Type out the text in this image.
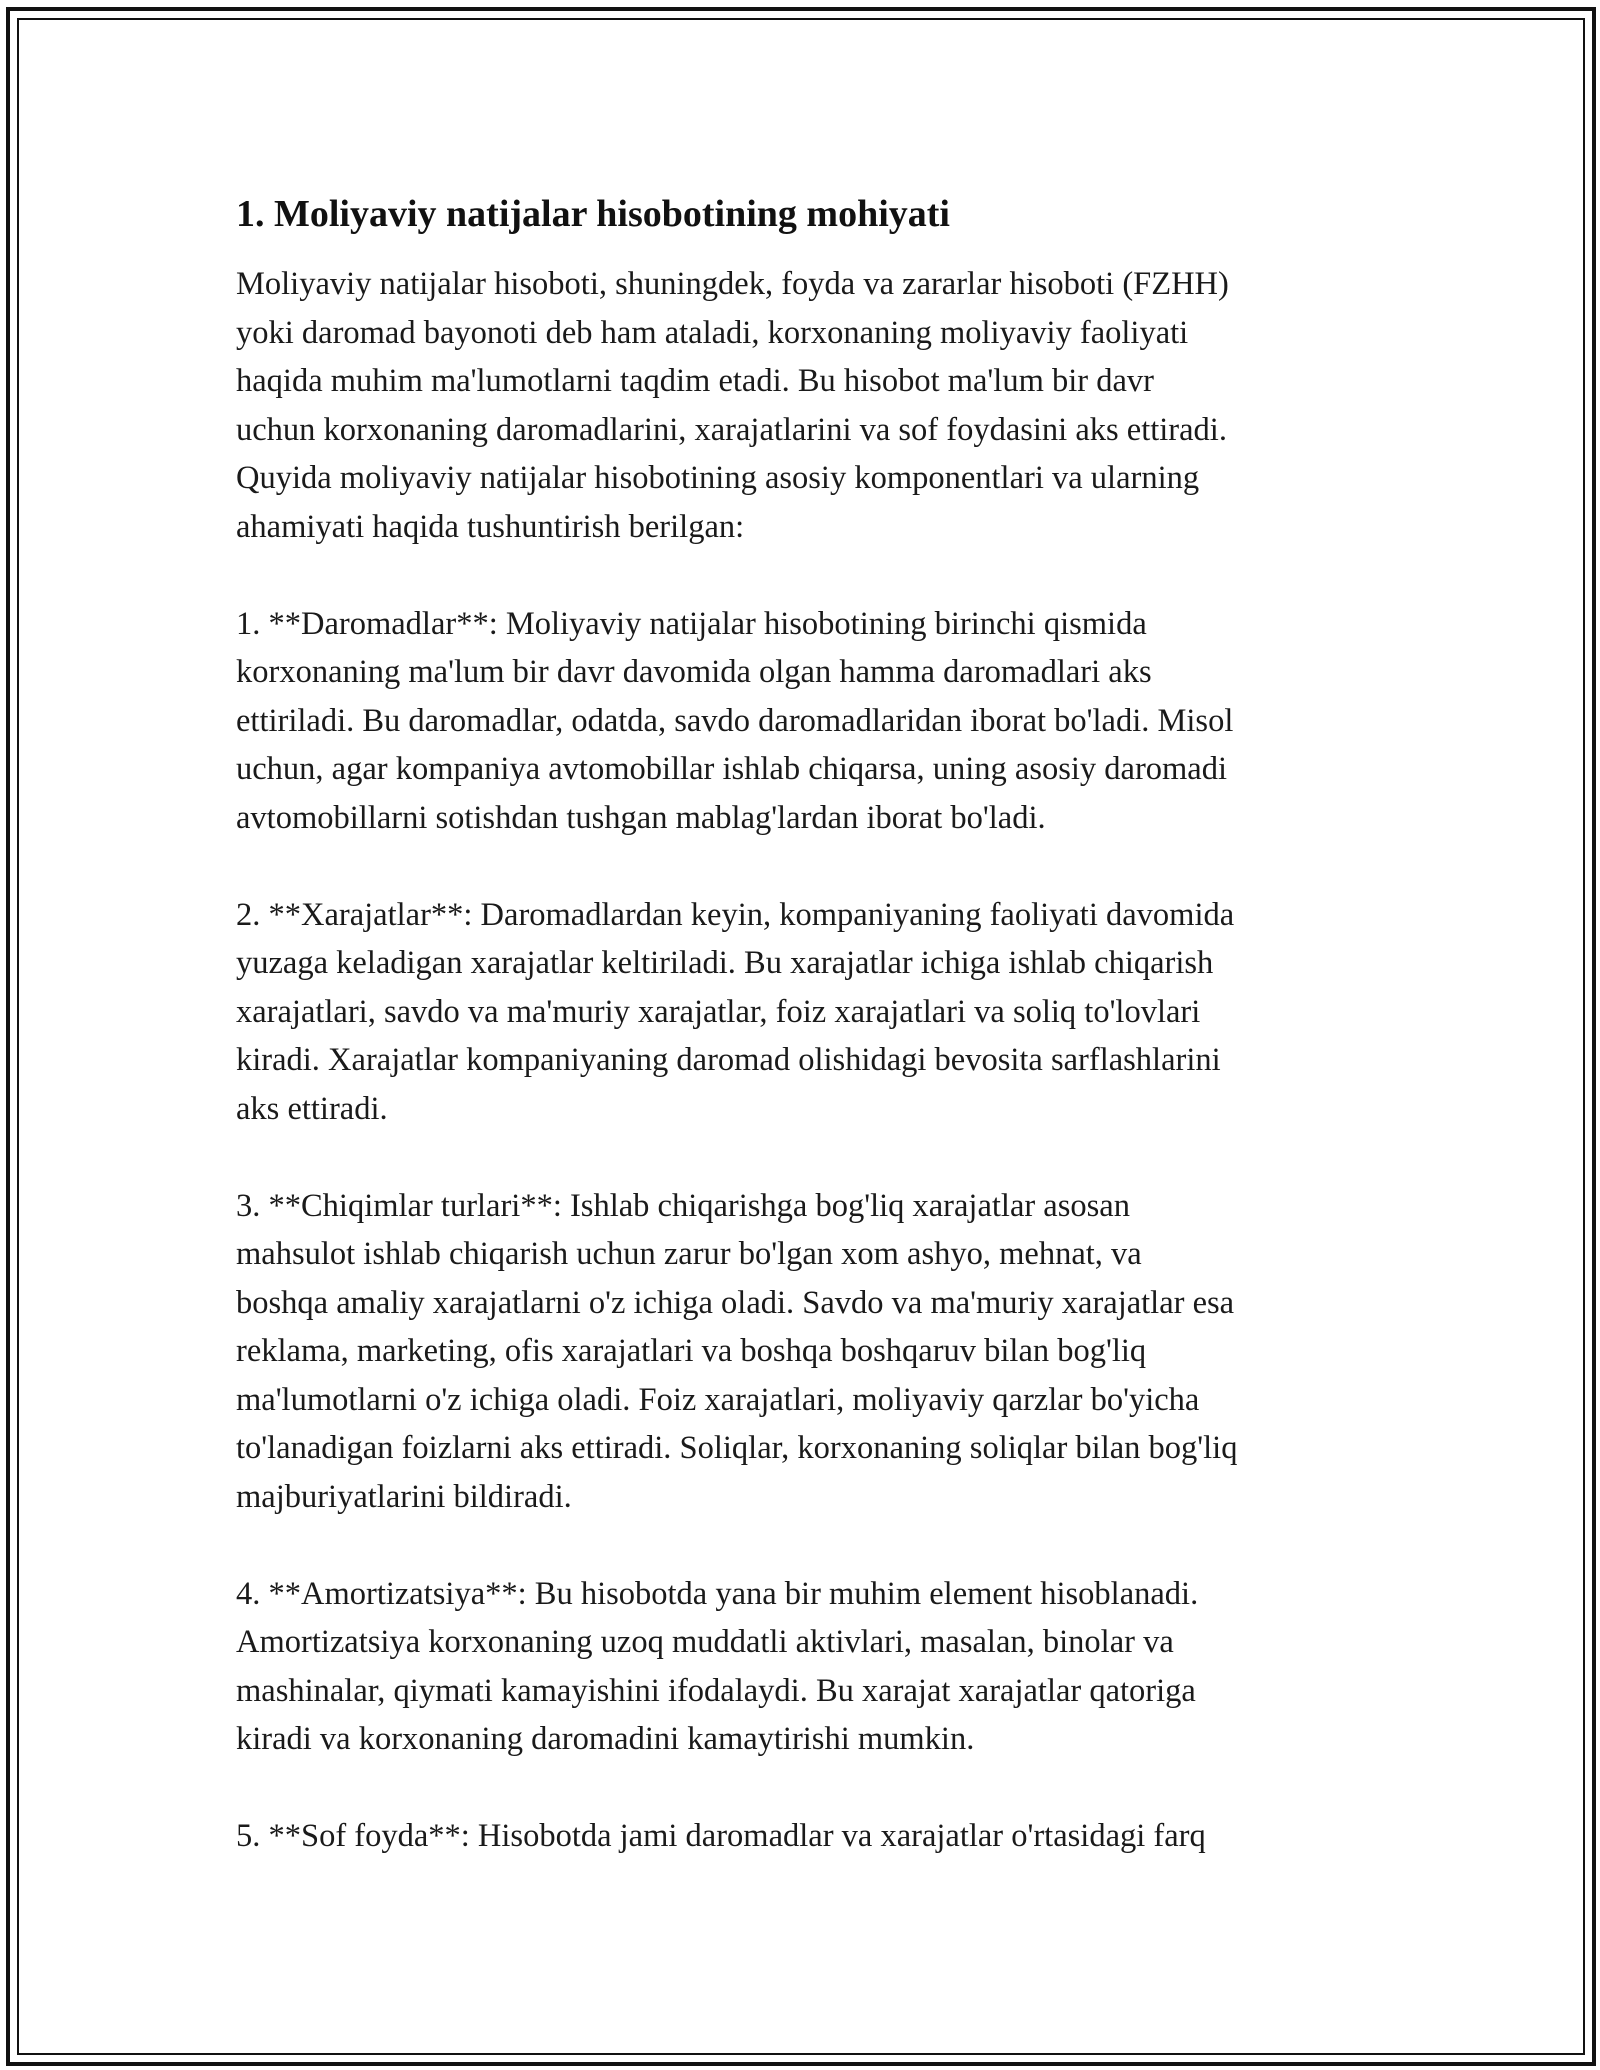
1. Moliyaviy natijalar hisobotining mohiyati

Moliyaviy natijalar hisoboti, shuningdek, foyda va zararlar hisoboti (FZHH)
yoki daromad bayonoti deb ham ataladi, korxonaning moliyaviy faoliyati
haqida muhim ma'lumotlarni taqdim etadi. Bu hisobot ma'lum bir davr
uchun korxonaning daromadlarini, xarajatlarini va sof foydasini aks ettiradi.
Quyida moliyaviy natijalar hisobotining asosiy komponentlari va ularning
ahamiyati haqida tushuntirish berilgan:

1. **Daromadlar**: Moliyaviy natijalar hisobotining birinchi qismida
korxonaning ma'lum bir davr davomida olgan hamma daromadlari aks
ettiriladi. Bu daromadlar, odatda, savdo daromadlaridan iborat bo'ladi. Misol
uchun, agar kompaniya avtomobillar ishlab chiqarsa, uning asosiy daromadi
avtomobillarni sotishdan tushgan mablag'lardan iborat bo'ladi.

2. **Xarajatlar**: Daromadlardan keyin, kompaniyaning faoliyati davomida
yuzaga keladigan xarajatlar keltiriladi. Bu xarajatlar ichiga ishlab chiqarish
xarajatlari, savdo va ma'muriy xarajatlar, foiz xarajatlari va soliq to'lovlari
kiradi. Xarajatlar kompaniyaning daromad olishidagi bevosita sarflashlarini
aks ettiradi.

3. **Chiqimlar turlari**: Ishlab chiqarishga bog'liq xarajatlar asosan
mahsulot ishlab chiqarish uchun zarur bo'lgan xom ashyo, mehnat, va
boshqa amaliy xarajatlarni o'z ichiga oladi. Savdo va ma'muriy xarajatlar esa
reklama, marketing, ofis xarajatlari va boshqa boshqaruv bilan bog'liq
ma'lumotlarni o'z ichiga oladi. Foiz xarajatlari, moliyaviy qarzlar bo'yicha
to'lanadigan foizlarni aks ettiradi. Soliqlar, korxonaning soliqlar bilan bog'liq
majburiyatlarini bildiradi.

4. **Amortizatsiya**: Bu hisobotda yana bir muhim element hisoblanadi.
Amortizatsiya korxonaning uzoq muddatli aktivlari, masalan, binolar va
mashinalar, qiymati kamayishini ifodalaydi. Bu xarajat xarajatlar qatoriga
kiradi va korxonaning daromadini kamaytirishi mumkin.

5. **Sof foyda**: Hisobotda jami daromadlar va xarajatlar o'rtasidagi farq
